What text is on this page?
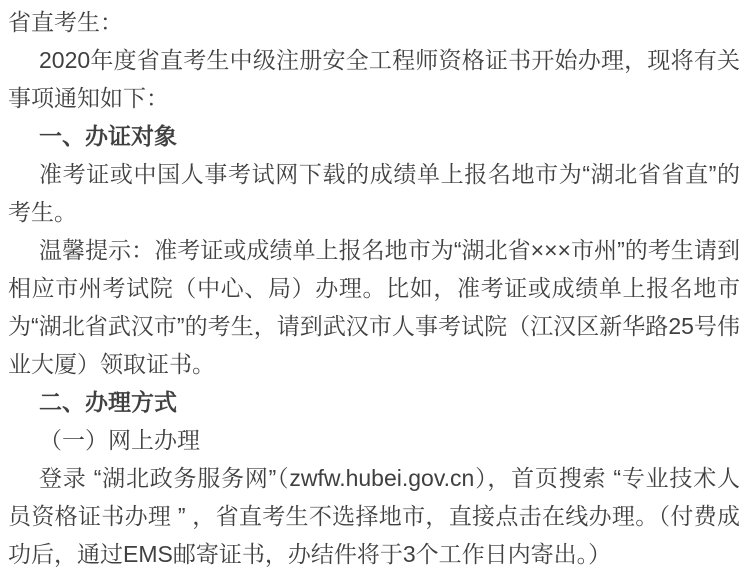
省直考生：

2020年度省直考生中级注册安全工程师资格证书开始办理，现将有关事项通知如下：

一、办证对象

准考证或中国人事考试网下载的成绩单上报名地市为“湖北省省直”的考生。

温馨提示：准考证或成绩单上报名地市为“湖北省×××市州”的考生请到相应市州考试院（中心、局）办理。比如，准考证或成绩单上报名地市为“湖北省武汉市”的考生，请到武汉市人事考试院（江汉区新华路25号伟业大厦）领取证书。

二、办理方式

（一）网上办理

登录 “湖北政务服务网”（zwfw.hubei.gov.cn），首页搜索 “专业技术人员资格证书办理 ” ，省直考生不选择地市，直接点击在线办理。（付费成功后，通过EMS邮寄证书，办结件将于3个工作日内寄出。）
